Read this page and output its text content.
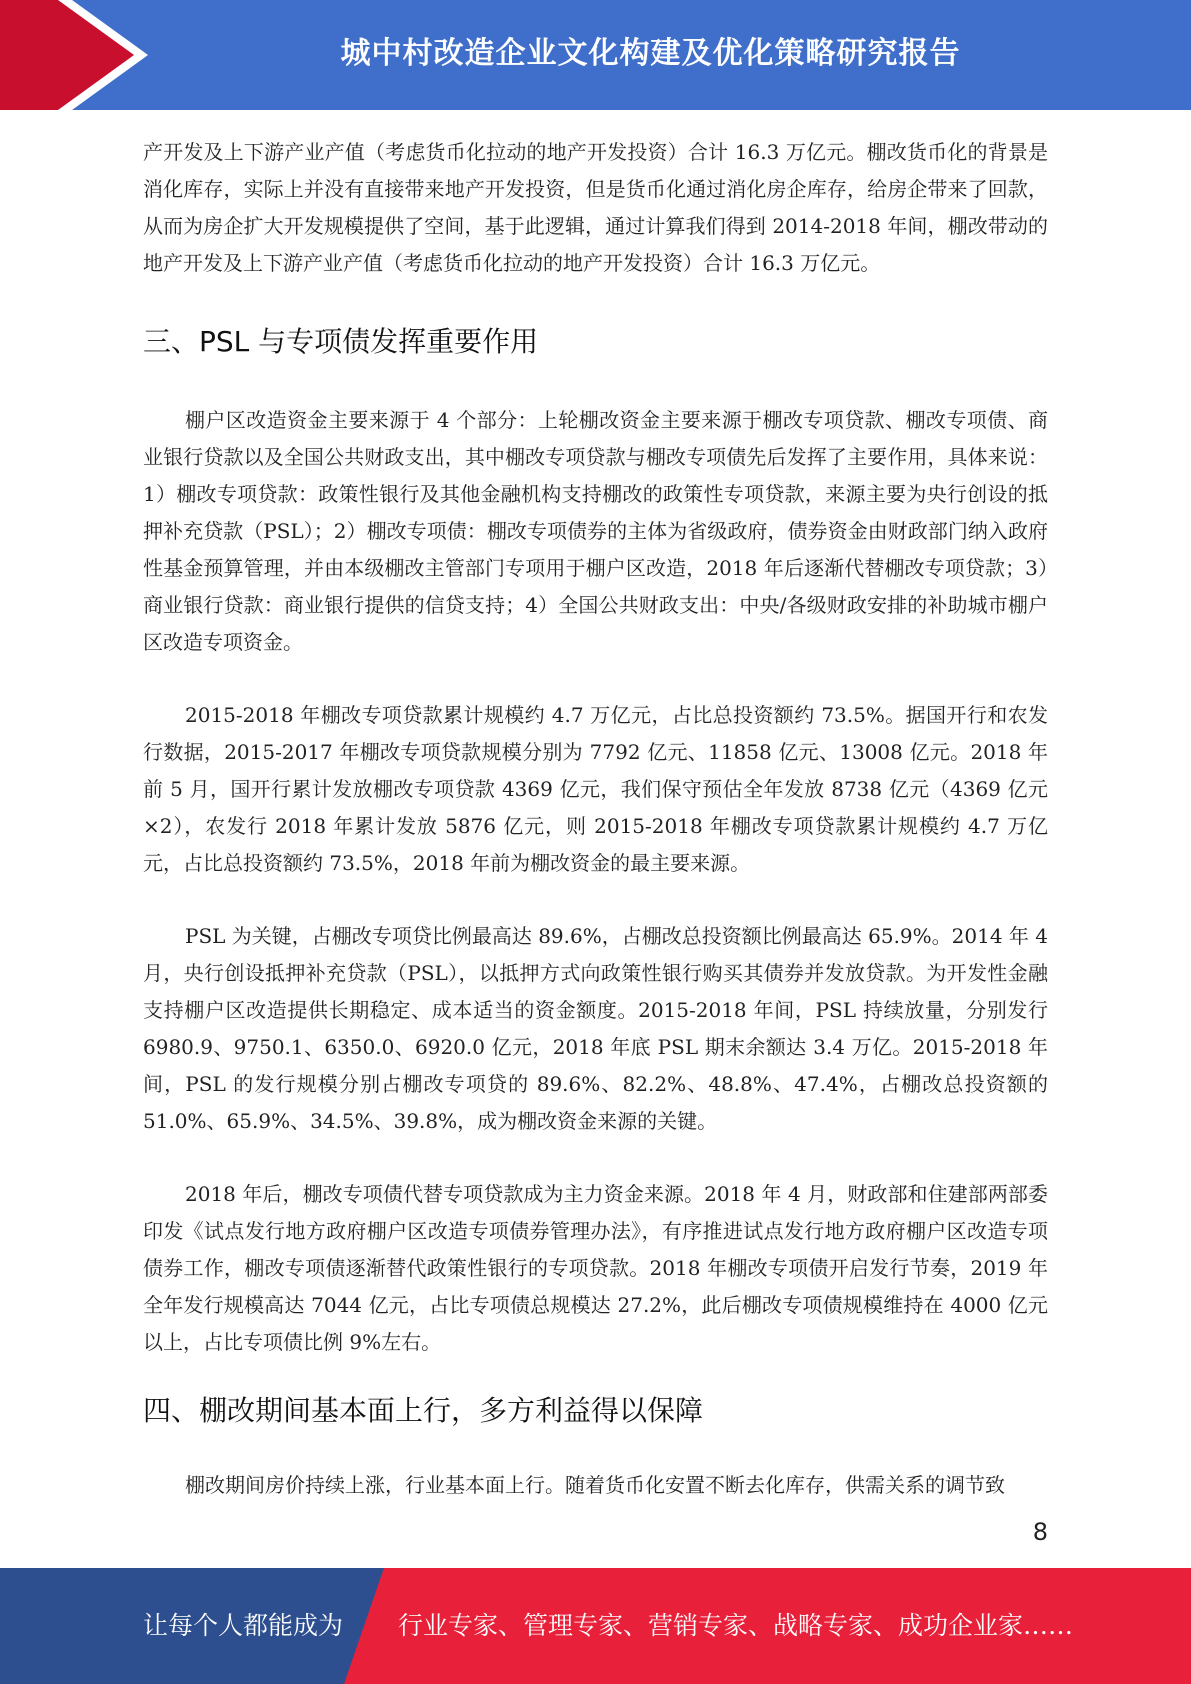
城中村改造企业文化构建及优化策略研究报告

产开发及上下游产业产值（考虑货币化拉动的地产开发投资）合计 16.3 万亿元。棚改货币化的背景是消化库存，实际上并没有直接带来地产开发投资，但是货币化通过消化房企库存，给房企带来了回款，从而为房企扩大开发规模提供了空间，基于此逻辑，通过计算我们得到 2014-2018 年间，棚改带动的地产开发及上下游产业产值（考虑货币化拉动的地产开发投资）合计 16.3 万亿元。

三、PSL 与专项债发挥重要作用

棚户区改造资金主要来源于 4 个部分：上轮棚改资金主要来源于棚改专项贷款、棚改专项债、商业银行贷款以及全国公共财政支出，其中棚改专项贷款与棚改专项债先后发挥了主要作用，具体来说：1）棚改专项贷款：政策性银行及其他金融机构支持棚改的政策性专项贷款，来源主要为央行创设的抵押补充贷款（PSL）；2）棚改专项债：棚改专项债券的主体为省级政府，债券资金由财政部门纳入政府性基金预算管理，并由本级棚改主管部门专项用于棚户区改造，2018 年后逐渐代替棚改专项贷款；3）商业银行贷款：商业银行提供的信贷支持；4）全国公共财政支出：中央/各级财政安排的补助城市棚户区改造专项资金。

2015-2018 年棚改专项贷款累计规模约 4.7 万亿元，占比总投资额约 73.5%。据国开行和农发行数据，2015-2017 年棚改专项贷款规模分别为 7792 亿元、11858 亿元、13008 亿元。2018 年前 5 月，国开行累计发放棚改专项贷款 4369 亿元，我们保守预估全年发放 8738 亿元（4369 亿元×2），农发行 2018 年累计发放 5876 亿元，则 2015-2018 年棚改专项贷款累计规模约 4.7 万亿元，占比总投资额约 73.5%，2018 年前为棚改资金的最主要来源。

PSL 为关键，占棚改专项贷比例最高达 89.6%，占棚改总投资额比例最高达 65.9%。2014 年 4 月，央行创设抵押补充贷款（PSL），以抵押方式向政策性银行购买其债券并发放贷款。为开发性金融支持棚户区改造提供长期稳定、成本适当的资金额度。2015-2018 年间，PSL 持续放量，分别发行 6980.9、9750.1、6350.0、6920.0 亿元，2018 年底 PSL 期末余额达 3.4 万亿。2015-2018 年间，PSL 的发行规模分别占棚改专项贷的 89.6%、82.2%、48.8%、47.4%，占棚改总投资额的 51.0%、65.9%、34.5%、39.8%，成为棚改资金来源的关键。

2018 年后，棚改专项债代替专项贷款成为主力资金来源。2018 年 4 月，财政部和住建部两部委印发《试点发行地方政府棚户区改造专项债券管理办法》，有序推进试点发行地方政府棚户区改造专项债券工作，棚改专项债逐渐替代政策性银行的专项贷款。2018 年棚改专项债开启发行节奏，2019 年全年发行规模高达 7044 亿元，占比专项债总规模达 27.2%，此后棚改专项债规模维持在 4000 亿元以上，占比专项债比例 9%左右。

四、棚改期间基本面上行，多方利益得以保障

棚改期间房价持续上涨，行业基本面上行。随着货币化安置不断去化库存，供需关系的调节致

8
让每个人都能成为 行业专家、管理专家、营销专家、战略专家、成功企业家……
